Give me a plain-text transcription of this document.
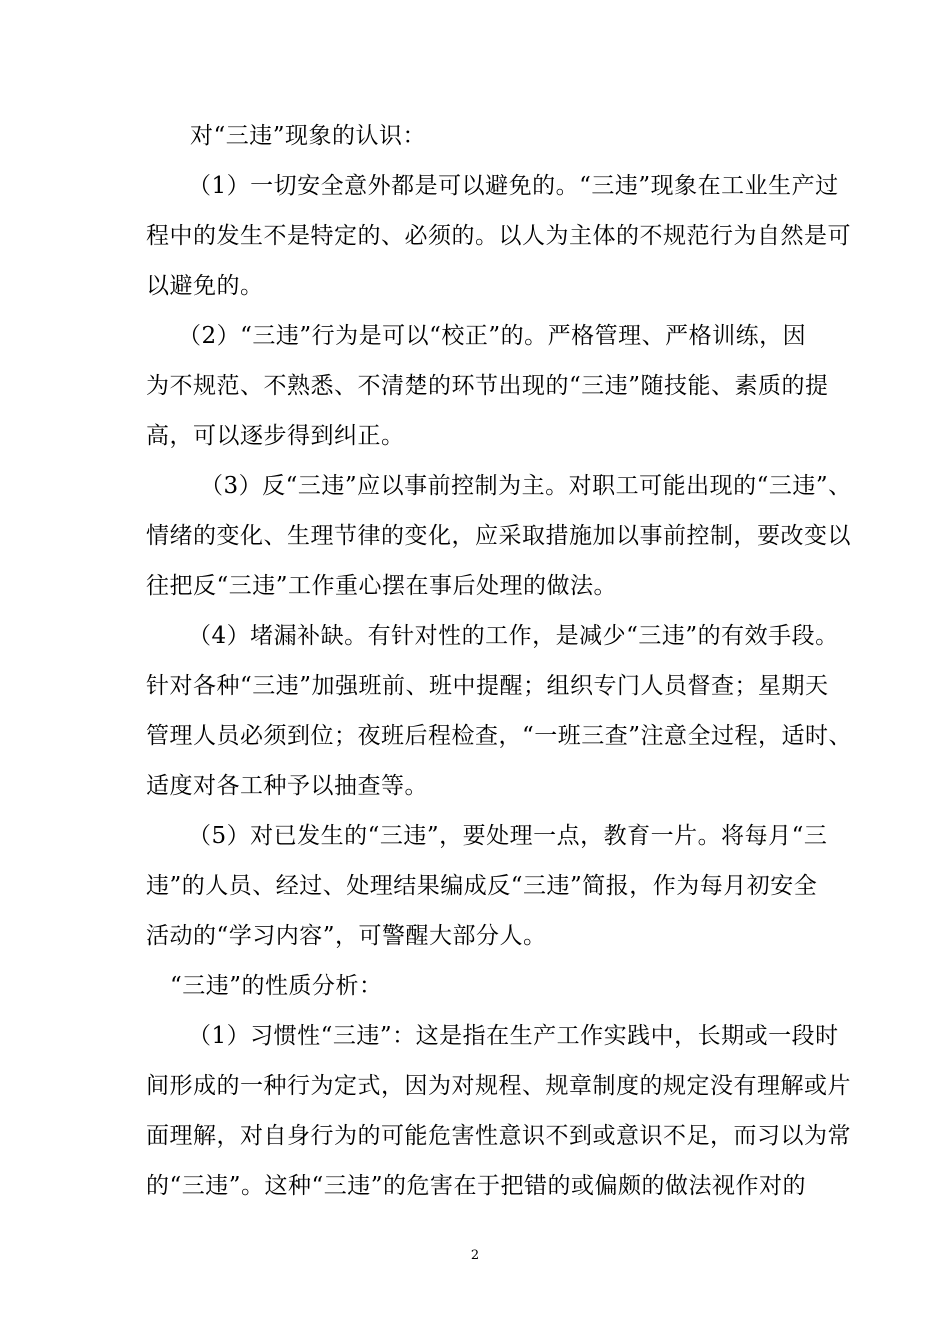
对“三违”现象的认识：
（1）一切安全意外都是可以避免的。“三违”现象在工业生产过
程中的发生不是特定的、必须的。以人为主体的不规范行为自然是可
以避免的。
（2）“三违”行为是可以“校正”的。严格管理、严格训练，因
为不规范、不熟悉、不清楚的环节出现的“三违”随技能、素质的提
高，可以逐步得到纠正。
（3）反“三违”应以事前控制为主。对职工可能出现的“三违”、
情绪的变化、生理节律的变化，应采取措施加以事前控制，要改变以
往把反“三违”工作重心摆在事后处理的做法。
（4）堵漏补缺。有针对性的工作，是减少“三违”的有效手段。
针对各种“三违”加强班前、班中提醒；组织专门人员督查；星期天
管理人员必须到位；夜班后程检查，“一班三查”注意全过程，适时、
适度对各工种予以抽查等。
（5）对已发生的“三违”，要处理一点，教育一片。将每月“三
违”的人员、经过、处理结果编成反“三违”简报，作为每月初安全
活动的“学习内容”，可警醒大部分人。
“三违”的性质分析：
（1）习惯性“三违”：这是指在生产工作实践中，长期或一段时
间形成的一种行为定式，因为对规程、规章制度的规定没有理解或片
面理解，对自身行为的可能危害性意识不到或意识不足，而习以为常
的“三违”。这种“三违”的危害在于把错的或偏颇的做法视作对的
2
